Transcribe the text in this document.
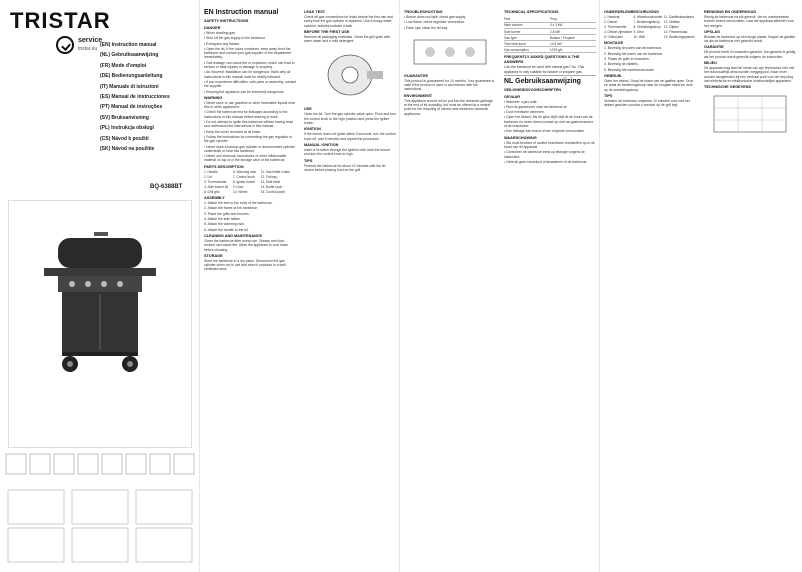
TRISTAR
service
tristar.eu
(EN) Instruction manual
(NL) Gebruiksaanwijzing
(FR) Mode d'emploi
(DE) Bedienungsanleitung
(IT) Manuale di istruzioni
(ES) Manual de instrucciones
(PT) Manual de instruções
(SV) Bruksanvisning
(PL) Instrukcja obsługi
(CS) Návod k použití
(SK) Návod na použitie
BQ-6388BT
EN Instruction manual
SAFETY INSTRUCTIONS
DANGER
• When smelling gas:
• Shut off the gas supply to the barbecue.
• Extinguish any flames.
• Open the lid. If the odour continues, keep away from the barbecue and contact your gas supplier or fire department immediately.
• Gas leakage can cause fire or explosion, which can lead to serious or fatal injuries or damage to property.
• An incorrect installation can be dangerous; that's why all instructions in this manual must be strictly followed.
• If you experience difficulties, with parts or assembly, contact the supplier.
• Keeping the appliance can be extremely dangerous.
WARNING
• Never store or use gasoline or other flammable liquids near this or other appliances.
• Check the barbecue first for leakages according to the instructions in this manual before starting to work.
• Do not attempt to ignite this barbecue without having read and understood the instructions in this manual.
• Keep the cover removed at all times.
• Follow the instructions for connecting the gas regulator to the gas cylinder.
• Never store a backup gas cylinder or disconnected cylinder underneath or near this barbecue.
• Never use charcoal, lava stones or other inflammable material on top or in the storage cave of the barbecue.
PARTS DESCRIPTION
1. Handle	6. Warming rack	11. Gas bottle holder
2. Lid	7. Control knob	12. Fat tray
3. Thermometer	8. Igniter button	13. Side table
4. Side burner lid	9. Door	14. Bottle hook
5. Grill grid	10. Wheel	15. Control panel
ASSEMBLY
1. Attach the feet to the body of the barbecue.
2. Attach the frame of the barbecue.
3. Place the grills and burners.
4. Attach the side tables.
5. Attach the warming rack.
6. Attach the handle to the lid.
CLEANING AND MAINTENANCE
Clean the barbecue after every use. Grease and food residue can cause fire. Allow the appliance to cool down before cleaning.
STORAGE
Store the barbecue in a dry place. Disconnect the gas cylinder when not in use and store it outdoors in a well-ventilated area.
LEAK TEST
Check all gas connections for leaks before the first use and every time the gas cylinder is replaced. Use a soapy water solution; bubbles indicate a leak.
BEFORE THE FIRST USE
Remove all packaging materials. Clean the grill grids with warm water and a mild detergent.
USE
Open the lid. Turn the gas cylinder valve open. Push and turn the control knob to the high position and press the igniter button.
IGNITION
If the burner does not ignite within 5 seconds, turn the control knob off, wait 5 minutes and repeat the procedure.
MANUAL IGNITION
Insert a lit match through the ignition hole near the burner and turn the control knob to high.
TIPS
Preheat the barbecue for about 10 minutes with the lid closed before placing food on the grill.
TROUBLESHOOTING
• Burner does not light: check gas supply.
• Low flame: check regulator connection.
• Flare ups: clean the fat tray.
GUARANTEE
This product is guaranteed for 24 months. Your guarantee is valid if the product is used in accordance with the instructions.
ENVIRONMENT
This appliance should not be put into the domestic garbage at the end of its durability, but must be offered at a central point for the recycling of electric and electronic domestic appliances.
TECHNICAL SPECIFICATIONS
Part	Prop.
Main burners	4 x 3 kW
Side burner	2.8 kW
Gas type	Butane / Propane
Total heat input	14.8 kW
Gas consumption	1076 g/h
FREQUENTLY ASKED QUESTIONS & THE ANSWERS
Can the barbecue be used with natural gas? No. This appliance is only suitable for butane or propane gas.
NL Gebruiksaanwijzing
VEILIGHEIDSVOORSCHRIFTEN
GEVAAR
• Wanneer u gas ruikt:
• Sluit de gastoevoer naar de barbecue af.
• Doof eventuele vlammen.
• Open het deksel. Als de geur blijft, blijf uit de buurt van de barbecue en neem direct contact op met uw gasleverancier of de brandweer.
• Een lekkage kan brand of een explosie veroorzaken.
WAARSCHUWING
• Sla nooit benzine of andere brandbare vloeistoffen op in de buurt van dit apparaat.
• Controleer de barbecue eerst op lekkage volgens de instructies.
• Gebruik geen houtskool of lavastenen in de barbecue.
ONDERDELENBESCHRIJVING
1. Handvat	6. Warmhoudrooster	11. Gasflesstandaard
2. Deksel	7. Bedieningsknop	12. Vetlade
3. Thermometer	8. Ontstekingsknop	13. Zijtafel
4. Deksel zijbrander	9. Deur	14. Flessenhaak
5. Grillrooster	10. Wiel	15. Bedieningspaneel
MONTAGE
1. Bevestig de poten aan de barbecue.
2. Bevestig het frame van de barbecue.
3. Plaats de grills en branders.
4. Bevestig de zijtafels.
5. Bevestig het warmhoudrooster.
GEBRUIK
Open het deksel. Draai de kraan van de gasfles open. Druk en draai de bedieningsknop naar de hoogste stand en druk op de ontstekingsknop.
TIPS
Verwarm de barbecue ongeveer 10 minuten voor met het deksel gesloten voordat u voedsel op de grill legt.
REINIGING EN ONDERHOUD
Reinig de barbecue na elk gebruik. Vet en voedselresten kunnen brand veroorzaken. Laat het apparaat afkoelen voor het reinigen.
OPSLAG
Bewaar de barbecue op een droge plaats. Koppel de gasfles los als de barbecue niet gebruikt wordt.
GARANTIE
Dit product heeft 24 maanden garantie. Uw garantie is geldig als het product wordt gebruikt volgens de instructies.
MILIEU
Dit apparaat mag aan het einde van zijn levensduur niet met het huishoudelijk afval worden weggegooid, maar moet worden aangeboden bij een centraal punt voor de recycling van elektrische en elektronische huishoudelijke apparaten.
TECHNISCHE GEGEVENS
